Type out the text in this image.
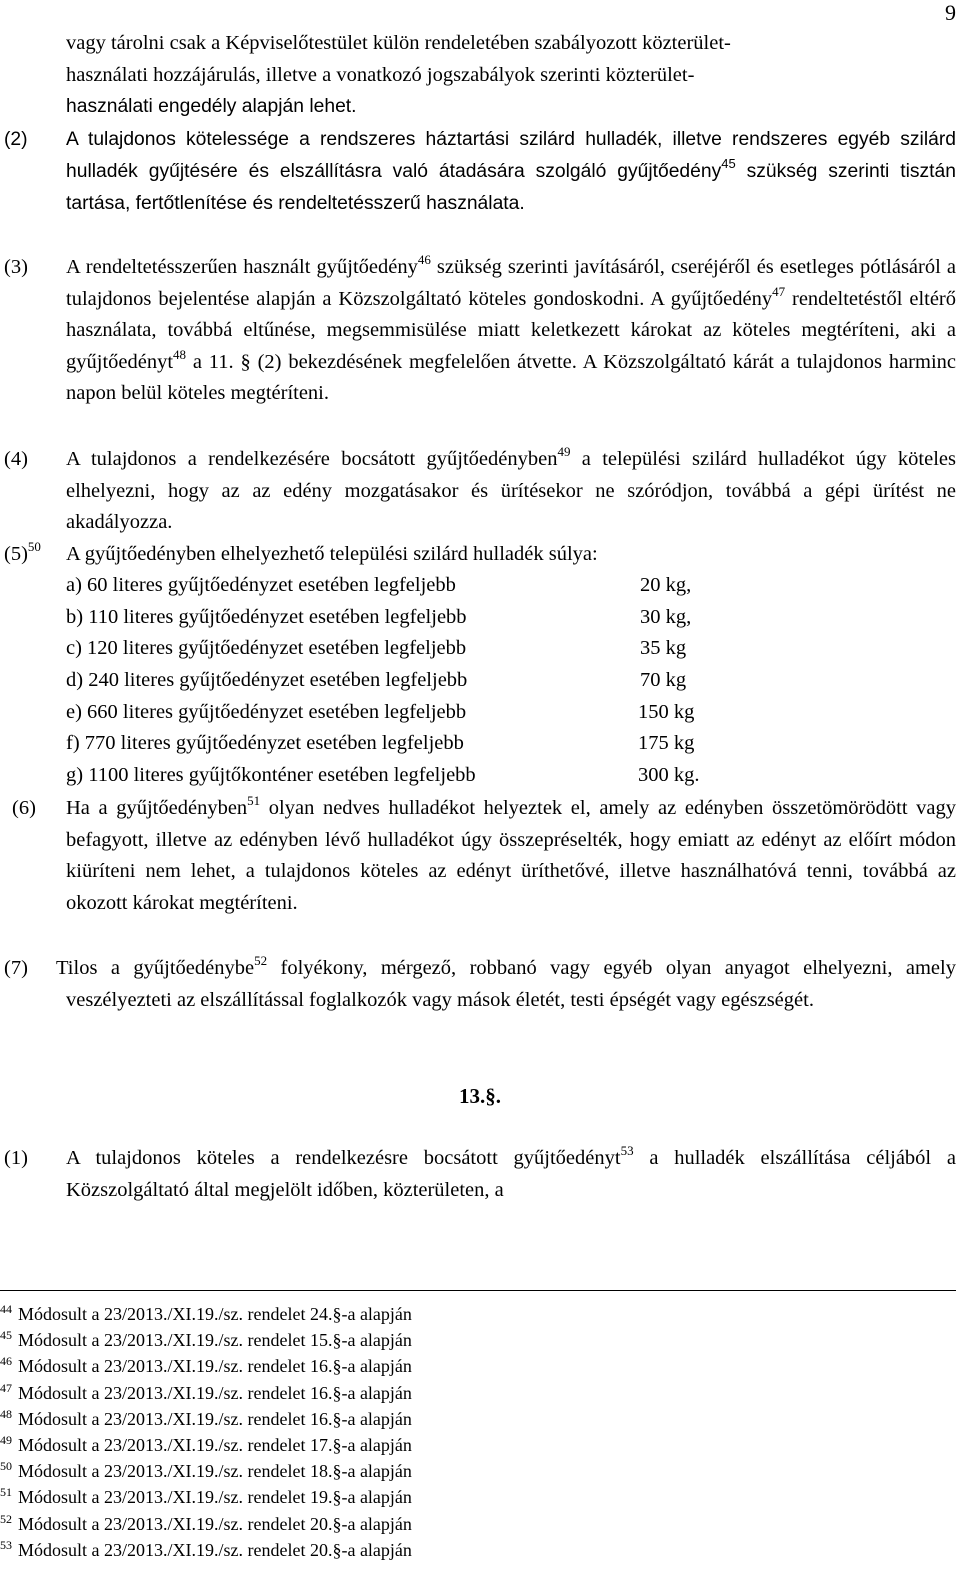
9
vagy tárolni csak a Képviselőtestület külön rendeletében szabályozott közterület-
használati hozzájárulás, illetve a vonatkozó jogszabályok szerinti közterület-
használati engedély alapján lehet.
(2) A tulajdonos kötelessége a rendszeres háztartási szilárd hulladék, illetve rendszeres egyéb szilárd hulladék gyűjtésére és elszállításra való átadására szolgáló gyűjtőedény$^{45}$ szükség szerinti tisztán tartása, fertőtlenítése és rendeltetésszerű használata.
(3) A rendeltetésszerűen használt gyűjtőedény$^{46}$ szükség szerinti javításáról, cseréjéről és esetleges pótlásáról a tulajdonos bejelentése alapján a Közszolgáltató köteles gondoskodni. A gyűjtőedény$^{47}$ rendeltetéstől eltérő használata, továbbá eltűnése, megsemmisülése miatt keletkezett károkat az köteles megtéríteni, aki a gyűjtőedényt$^{48}$ a 11. § (2) bekezdésének megfelelően átvette. A Közszolgáltató kárát a tulajdonos harminc napon belül köteles megtéríteni.
(4) A tulajdonos a rendelkezésére bocsátott gyűjtőedényben$^{49}$ a települési szilárd hulladékot úgy köteles elhelyezni, hogy az az edény mozgatásakor és ürítésekor ne szóródjon, továbbá a gépi ürítést ne akadályozza.
$(5)^{50}$ A gyűjtőedényben elhelyezhető települési szilárd hulladék súlya:
a) 60 literes gyűjtőedényzet esetében legfeljebb	20 kg,
b) 110 literes gyűjtőedényzet esetében legfeljebb	30 kg,
c) 120 literes gyűjtőedényzet esetében legfeljebb	35 kg
d) 240 literes gyűjtőedényzet esetében legfeljebb	70 kg
e) 660 literes gyűjtőedényzet esetében legfeljebb	150 kg
f) 770 literes gyűjtőedényzet esetében legfeljebb	175 kg
g) 1100 literes gyűjtőkonténer esetében legfeljebb	300 kg.
(6) Ha a gyűjtőedényben$^{51}$ olyan nedves hulladékot helyeztek el, amely az edényben összetömörödött vagy befagyott, illetve az edényben lévő hulladékot úgy összepréselték, hogy emiatt az edényt az előírt módon kiüríteni nem lehet, a tulajdonos köteles az edényt üríthetővé, illetve használhatóvá tenni, továbbá az okozott károkat megtéríteni.
(7) Tilos a gyűjtőedénybe$^{52}$ folyékony, mérgező, robbanó vagy egyéb olyan anyagot elhelyezni, amely veszélyezteti az elszállítással foglalkozók vagy mások életét, testi épségét vagy egészségét.
13.§.
(1) A tulajdonos köteles a rendelkezésre bocsátott gyűjtőedényt$^{53}$ a hulladék elszállítása céljából a Közszolgáltató által megjelölt időben, közterületen, a
$^{44}$ Módosult a 23/2013./XI.19./sz. rendelet 24.§-a alapján
$^{45}$ Módosult a 23/2013./XI.19./sz. rendelet 15.§-a alapján
$^{46}$ Módosult a 23/2013./XI.19./sz. rendelet 16.§-a alapján
$^{47}$ Módosult a 23/2013./XI.19./sz. rendelet 16.§-a alapján
$^{48}$ Módosult a 23/2013./XI.19./sz. rendelet 16.§-a alapján
$^{49}$ Módosult a 23/2013./XI.19./sz. rendelet 17.§-a alapján
$^{50}$ Módosult a 23/2013./XI.19./sz. rendelet 18.§-a alapján
$^{51}$ Módosult a 23/2013./XI.19./sz. rendelet 19.§-a alapján
$^{52}$ Módosult a 23/2013./XI.19./sz. rendelet 20.§-a alapján
$^{53}$ Módosult a 23/2013./XI.19./sz. rendelet 20.§-a alapján
